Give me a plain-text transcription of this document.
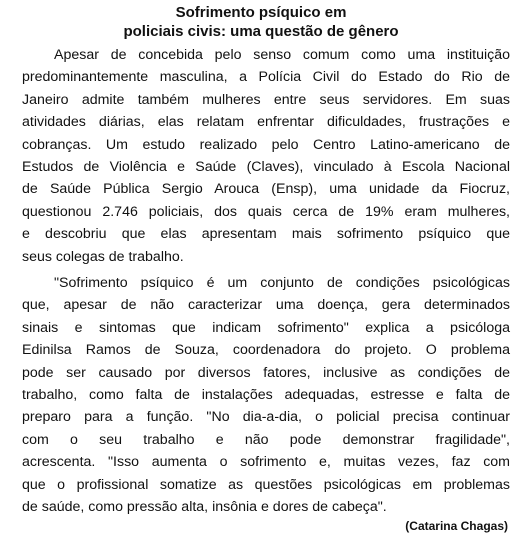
Sofrimento psíquico em
policiais civis: uma questão de gênero
Apesar de concebida pelo senso comum como uma instituição
predominantemente masculina, a Polícia Civil do Estado do Rio de
Janeiro admite também mulheres entre seus servidores. Em suas
atividades diárias, elas relatam enfrentar dificuldades, frustrações e
cobranças. Um estudo realizado pelo Centro Latino-americano de
Estudos de Violência e Saúde (Claves), vinculado à Escola Nacional
de Saúde Pública Sergio Arouca (Ensp), uma unidade da Fiocruz,
questionou 2.746 policiais, dos quais cerca de 19% eram mulheres,
e descobriu que elas apresentam mais sofrimento psíquico que
seus colegas de trabalho.
"Sofrimento psíquico é um conjunto de condições psicológicas
que, apesar de não caracterizar uma doença, gera determinados
sinais e sintomas que indicam sofrimento" explica a psicóloga
Edinilsa Ramos de Souza, coordenadora do projeto. O problema
pode ser causado por diversos fatores, inclusive as condições de
trabalho, como falta de instalações adequadas, estresse e falta de
preparo para a função. "No dia-a-dia, o policial precisa continuar
com o seu trabalho e não pode demonstrar fragilidade",
acrescenta. "Isso aumenta o sofrimento e, muitas vezes, faz com
que o profissional somatize as questões psicológicas em problemas
de saúde, como pressão alta, insônia e dores de cabeça".
(Catarina Chagas)
